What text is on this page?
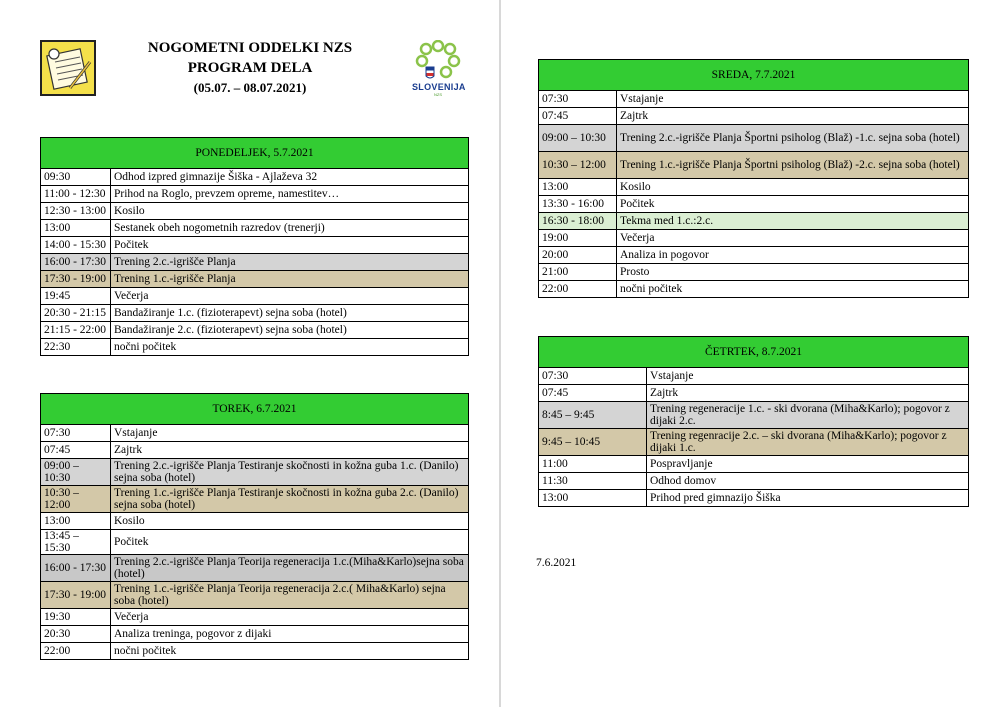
NOGOMETNI ODDELKI NZS
PROGRAM DELA
(05.07. – 08.07.2021)	SLOVENIJA
NZS
PONEDELJEK, 5.7.2021	
09:30	Odhod izpred gimnazije Šiška - Ajlaževa 32
11:00 - 12:30	Prihod na Roglo, prevzem opreme, namestitev…
12:30 - 13:00	Kosilo
13:00	Sestanek obeh nogometnih razredov (trenerji)
14:00 - 15:30	Počitek
16:00 - 17:30	Trening 2.c.-igrišče Planja
17:30 - 19:00	Trening 1.c.-igrišče Planja
19:45	Večerja
20:30 - 21:15	Bandažiranje 1.c. (fizioterapevt) sejna soba (hotel)
21:15 - 22:00	Bandažiranje 2.c. (fizioterapevt) sejna soba (hotel)
22:30	nočni počitek
TOREK, 6.7.2021	
07:30	Vstajanje
07:45	Zajtrk
09:00 – 10:30	Trening 2.c.-igrišče Planja Testiranje skočnosti in kožna guba 1.c. (Danilo) sejna soba (hotel)
10:30 – 12:00	Trening 1.c.-igrišče Planja Testiranje skočnosti in kožna guba 2.c. (Danilo) sejna soba (hotel)
13:00	Kosilo
13:45 – 15:30	Počitek
16:00 - 17:30	Trening 2.c.-igrišče Planja Teorija regeneracija 1.c.(Miha&Karlo)sejna soba (hotel)
17:30 - 19:00	Trening 1.c.-igrišče Planja Teorija regeneracija 2.c.( Miha&Karlo) sejna soba (hotel)
19:30	Večerja
20:30	Analiza treninga, pogovor z dijaki
22:00	nočni počitek
SREDA, 7.7.2021	
07:30	Vstajanje
07:45	Zajtrk
09:00 – 10:30	Trening 2.c.-igrišče Planja Športni psiholog (Blaž) -1.c. sejna soba (hotel)
10:30 – 12:00	Trening 1.c.-igrišče Planja Športni psiholog (Blaž) -2.c. sejna soba (hotel)
13:00	Kosilo
13:30 - 16:00	Počitek
16:30 - 18:00	Tekma med 1.c.:2.c.
19:00	Večerja
20:00	Analiza in pogovor
21:00	Prosto
22:00	nočni počitek
ČETRTEK, 8.7.2021	
07:30	Vstajanje
07:45	Zajtrk
8:45 – 9:45	Trening regeneracije 1.c. - ski dvorana (Miha&Karlo); pogovor z dijaki 2.c.
9:45 – 10:45	Trening regenracije 2.c. – ski dvorana (Miha&Karlo); pogovor z dijaki 1.c.
11:00	Pospravljanje
11:30	Odhod domov
13:00	Prihod pred gimnazijo Šiška
7.6.2021
